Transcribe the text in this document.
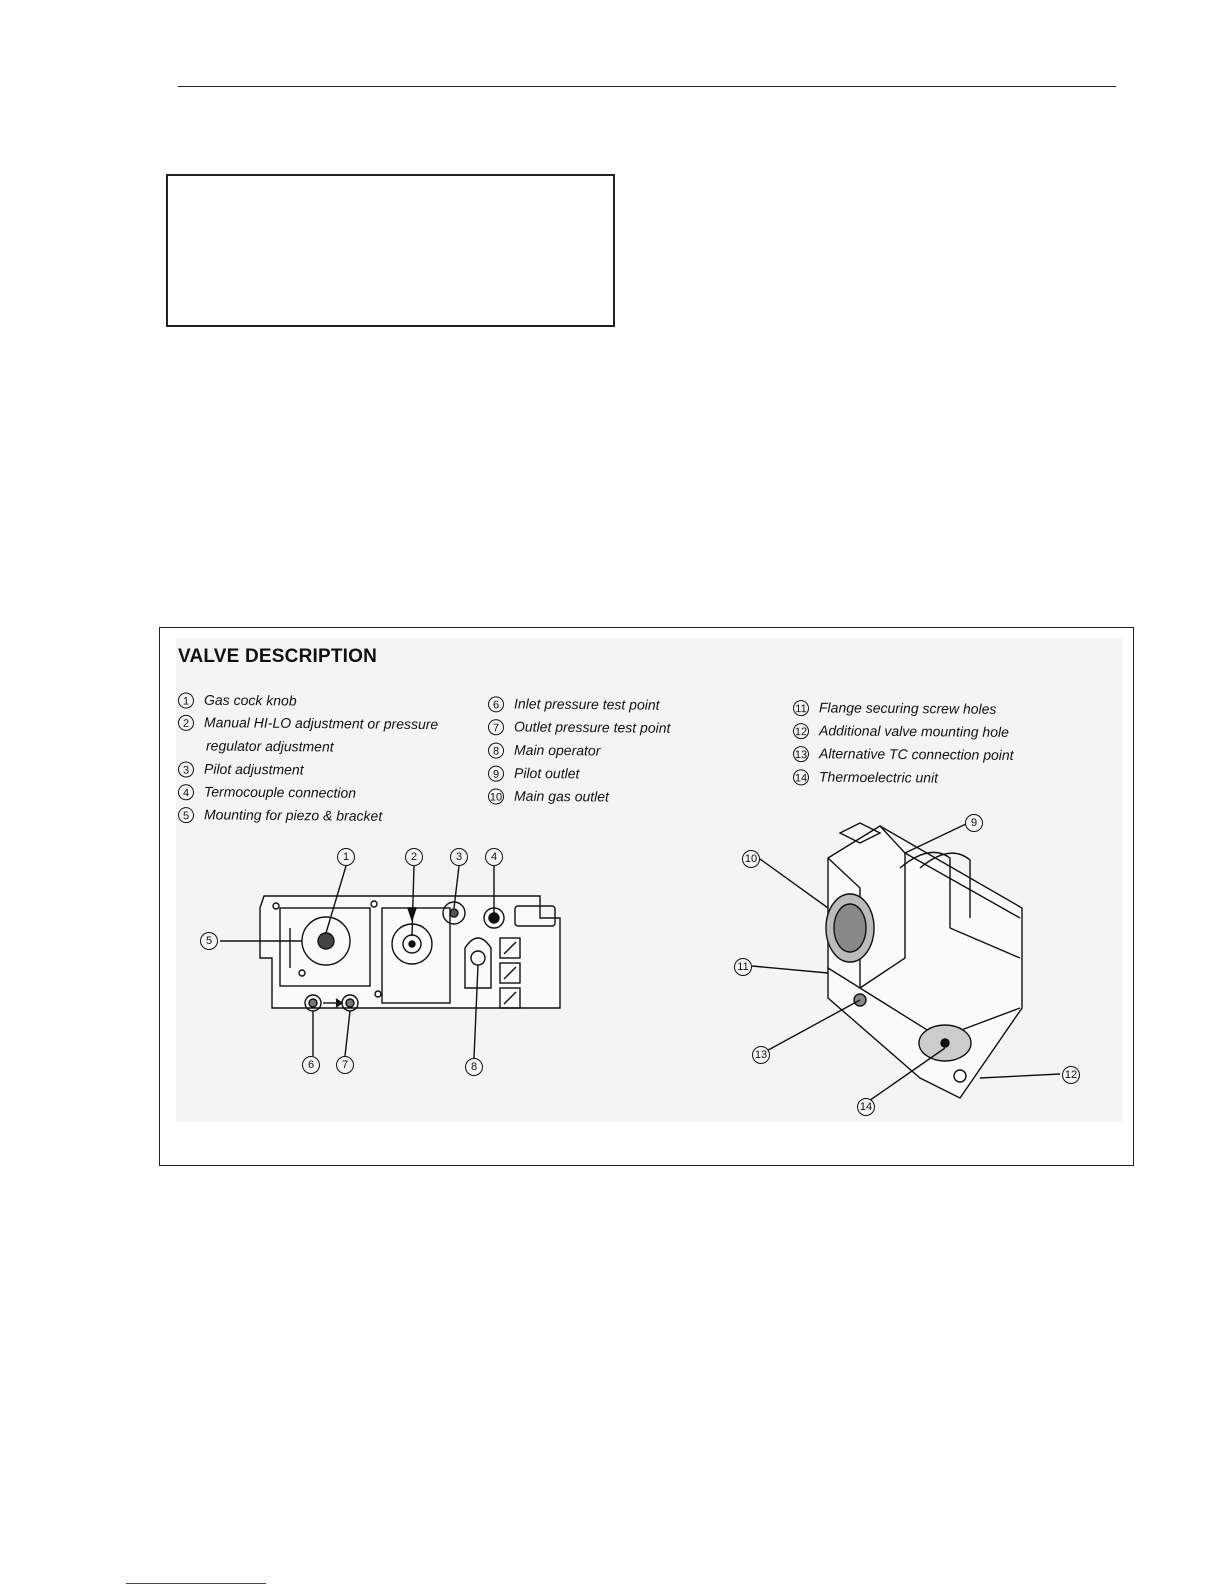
VALVE DESCRIPTION
1 Gas cock knob
2 Manual HI-LO adjustment or pressure
regulator adjustment
3 Pilot adjustment
4 Termocouple connection
5 Mounting for piezo & bracket
6 Inlet pressure test point
7 Outlet pressure test point
8 Main operator
9 Pilot outlet
10 Main gas outlet
11 Flange securing screw holes
12 Additional valve mounting hole
13 Alternative TC connection point
14 Thermoelectric unit
1	2	3	4
5
6	7	8
9
10
11
12
13
14
